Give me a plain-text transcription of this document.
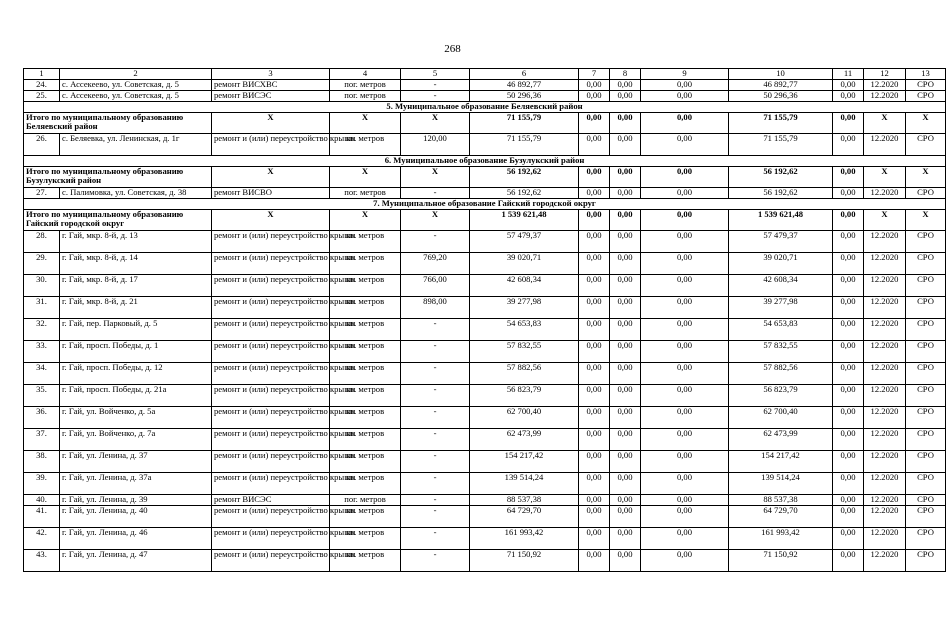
268
1	2	3	4	5	6	7	8	9	10	11	12	13
24.	с. Ассекеево, ул. Советская, д. 5	ремонт ВИСХВС	пог. метров	-	46 892,77	0,00	0,00	0,00	46 892,77	0,00	12.2020	СРО
25.	с. Ассекеево, ул. Советская, д. 5	ремонт ВИСЭС	пог. метров	-	50 296,36	0,00	0,00	0,00	50 296,36	0,00	12.2020	СРО
5. Муниципальное образование Беляевский район												
Итого по муниципальному образованию Беляевский район		Х	Х	Х	71 155,79	0,00	0,00	0,00	71 155,79	0,00	Х	Х
26.	с. Беляевка, ул. Ленинская, д. 1г	ремонт и (или) переустройство крыши	кв. метров	120,00	71 155,79	0,00	0,00	0,00	71 155,79	0,00	12.2020	СРО
6. Муниципальное образование Бузулукский район												
Итого по муниципальному образованию Бузулукский район		Х	Х	Х	56 192,62	0,00	0,00	0,00	56 192,62	0,00	Х	Х
27.	с. Палимовка, ул. Советская, д. 38	ремонт ВИСВО	пог. метров	-	56 192,62	0,00	0,00	0,00	56 192,62	0,00	12.2020	СРО
7. Муниципальное образование Гайский городской округ												
Итого по муниципальному образованию Гайский городской округ		Х	Х	Х	1 539 621,48	0,00	0,00	0,00	1 539 621,48	0,00	Х	Х
28.	г. Гай, мкр. 8-й, д. 13	ремонт и (или) переустройство крыши	кв. метров	-	57 479,37	0,00	0,00	0,00	57 479,37	0,00	12.2020	СРО
29.	г. Гай, мкр. 8-й, д. 14	ремонт и (или) переустройство крыши	кв. метров	769,20	39 020,71	0,00	0,00	0,00	39 020,71	0,00	12.2020	СРО
30.	г. Гай, мкр. 8-й, д. 17	ремонт и (или) переустройство крыши	кв. метров	766,00	42 608,34	0,00	0,00	0,00	42 608,34	0,00	12.2020	СРО
31.	г. Гай, мкр. 8-й, д. 21	ремонт и (или) переустройство крыши	кв. метров	898,00	39 277,98	0,00	0,00	0,00	39 277,98	0,00	12.2020	СРО
32.	г. Гай, пер. Парковый, д. 5	ремонт и (или) переустройство крыши	кв. метров	-	54 653,83	0,00	0,00	0,00	54 653,83	0,00	12.2020	СРО
33.	г. Гай, просп. Победы, д. 1	ремонт и (или) переустройство крыши	кв. метров	-	57 832,55	0,00	0,00	0,00	57 832,55	0,00	12.2020	СРО
34.	г. Гай, просп. Победы, д. 12	ремонт и (или) переустройство крыши	кв. метров	-	57 882,56	0,00	0,00	0,00	57 882,56	0,00	12.2020	СРО
35.	г. Гай, просп. Победы, д. 21а	ремонт и (или) переустройство крыши	кв. метров	-	56 823,79	0,00	0,00	0,00	56 823,79	0,00	12.2020	СРО
36.	г. Гай, ул. Войченко, д. 5а	ремонт и (или) переустройство крыши	кв. метров	-	62 700,40	0,00	0,00	0,00	62 700,40	0,00	12.2020	СРО
37.	г. Гай, ул. Войченко, д. 7а	ремонт и (или) переустройство крыши	кв. метров	-	62 473,99	0,00	0,00	0,00	62 473,99	0,00	12.2020	СРО
38.	г. Гай, ул. Ленина, д. 37	ремонт и (или) переустройство крыши	кв. метров	-	154 217,42	0,00	0,00	0,00	154 217,42	0,00	12.2020	СРО
39.	г. Гай, ул. Ленина, д. 37а	ремонт и (или) переустройство крыши	кв. метров	-	139 514,24	0,00	0,00	0,00	139 514,24	0,00	12.2020	СРО
40.	г. Гай, ул. Ленина, д. 39	ремонт ВИСЭС	пог. метров	-	88 537,38	0,00	0,00	0,00	88 537,38	0,00	12.2020	СРО
41.	г. Гай, ул. Ленина, д. 40	ремонт и (или) переустройство крыши	кв. метров	-	64 729,70	0,00	0,00	0,00	64 729,70	0,00	12.2020	СРО
42.	г. Гай, ул. Ленина, д. 46	ремонт и (или) переустройство крыши	кв. метров	-	161 993,42	0,00	0,00	0,00	161 993,42	0,00	12.2020	СРО
43.	г. Гай, ул. Ленина, д. 47	ремонт и (или) переустройство крыши	кв. метров	-	71 150,92	0,00	0,00	0,00	71 150,92	0,00	12.2020	СРО
